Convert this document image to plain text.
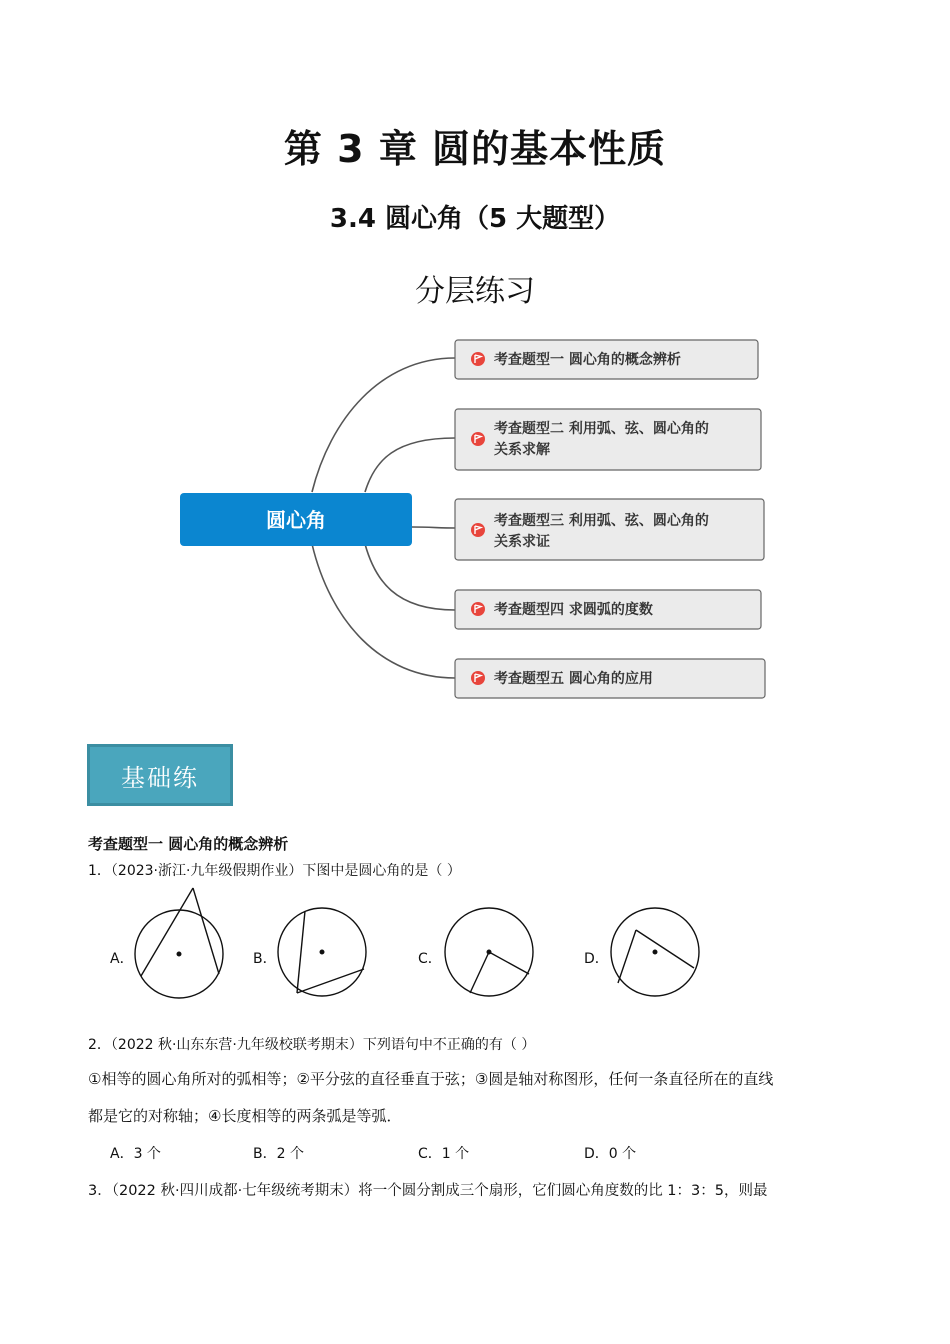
第 3 章 圆的基本性质
3.4 圆心角（5 大题型）
分层练习
圆心角
考查题型一 圆心角的概念辨析
考查题型二 利用弧、弦、圆心角的
关系求解
考查题型三 利用弧、弦、圆心角的
关系求证
考查题型四 求圆弧的度数
考查题型五 圆心角的应用
基础练
考查题型一 圆心角的概念辨析
1．（2023·浙江·九年级假期作业）下图中是圆心角的是（ ）
A．	B．	C．	D．
2．（2022 秋·山东东营·九年级校联考期末）下列语句中不正确的有（ ）
①相等的圆心角所对的弧相等；②平分弦的直径垂直于弦；③圆是轴对称图形，任何一条直径所在的直线
都是它的对称轴；④长度相等的两条弧是等弧．
A．3 个	B．2 个	C．1 个	D．0 个
3．（2022 秋·四川成都·七年级统考期末）将一个圆分割成三个扇形，它们圆心角度数的比 1：3：5，则最
